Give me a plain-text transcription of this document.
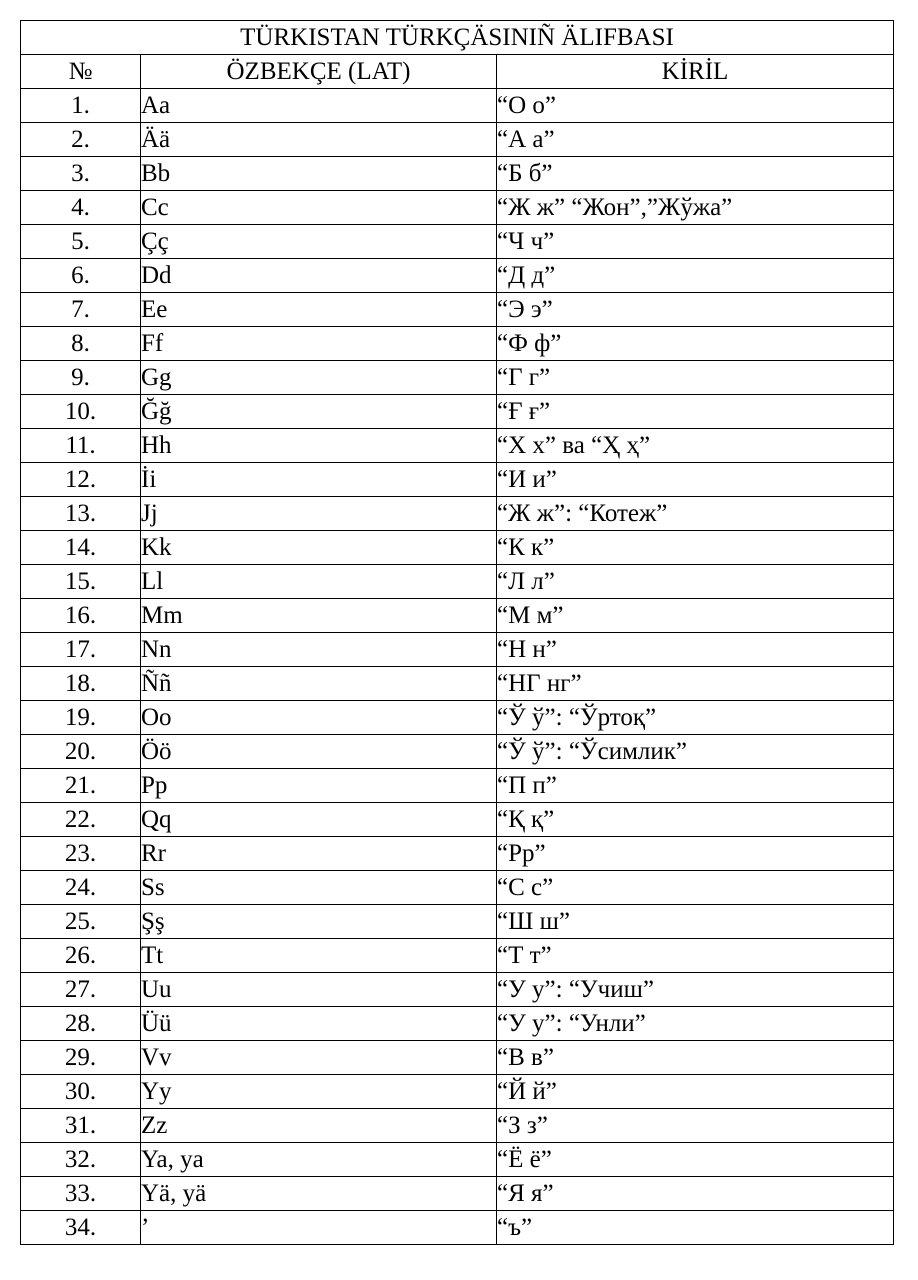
TÜRKISTAN TÜRKÇÄSINIÑ ÄLIFBASI		
№	ÖZBEKÇE (LAT)	KİRİL
1.	Aa	“О о”
2.	Ää	“А а”
3.	Bb	“Б б”
4.	Cc	“Ж ж” “Жон”,”Жўжа”
5.	Çç	“Ч ч”
6.	Dd	“Д д”
7.	Ee	“Э э”
8.	Ff	“Ф ф”
9.	Gg	“Г г”
10.	Ğğ	“Ғ ғ”
11.	Hh	“Х х” ва “Ҳ ҳ”
12.	İi	“И и”
13.	Jj	“Ж ж”: “Котеж”
14.	Kk	“К к”
15.	Ll	“Л л”
16.	Mm	“М м”
17.	Nn	“Н н”
18.	Ññ	“НГ нг”
19.	Oo	“Ў ў”: “Ўртоқ”
20.	Öö	“Ў ў”: “Ўсимлик”
21.	Pp	“П п”
22.	Qq	“Қ қ”
23.	Rr	“Рр”
24.	Ss	“С с”
25.	Şş	“Ш ш”
26.	Tt	“Т т”
27.	Uu	“У у”: “Учиш”
28.	Üü	“У у”: “Унли”
29.	Vv	“В в”
30.	Yy	“Й й”
31.	Zz	“З з”
32.	Ya, ya	“Ё ё”
33.	Yä, yä	“Я я”
34.	’	“ъ”
